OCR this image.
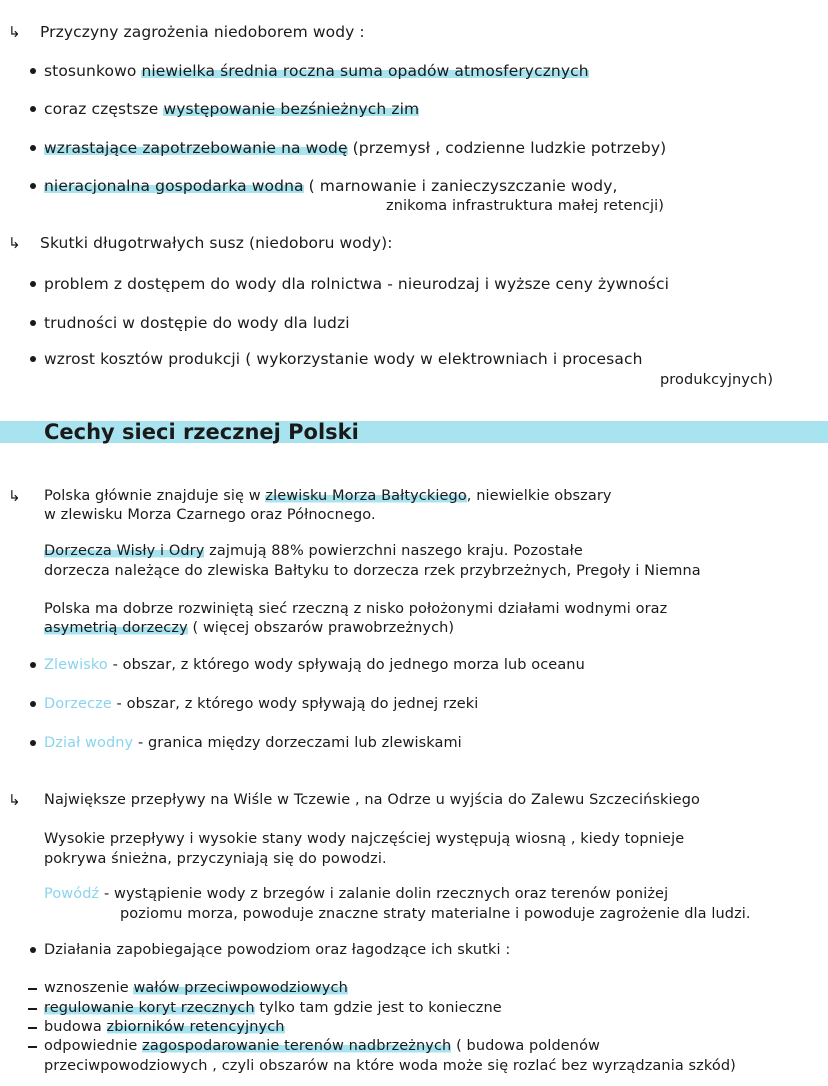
↳ Przyczyny zagrożenia niedoborem wody :
stosunkowo niewielka średnia roczna suma opadów atmosferycznych
coraz częstsze występowanie bezśnieżnych zim
wzrastające zapotrzebowanie na wodę (przemysł , codzienne ludzkie potrzeby)
nieracjonalna gospodarka wodna ( marnowanie i zanieczyszczanie wody,
znikoma infrastruktura małej retencji)
↳ Skutki długotrwałych susz (niedoboru wody):
problem z dostępem do wody dla rolnictwa - nieurodzaj i wyższe ceny żywności
trudności w dostępie do wody dla ludzi
wzrost kosztów produkcji ( wykorzystanie wody w elektrowniach i procesach
produkcyjnych)
Cechy sieci rzecznej Polski
↳ Polska głównie znajduje się w zlewisku Morza Bałtyckiego, niewielkie obszary
w zlewisku Morza Czarnego oraz Północnego.
Dorzecza Wisły i Odry zajmują 88% powierzchni naszego kraju. Pozostałe
dorzecza należące do zlewiska Bałtyku to dorzecza rzek przybrzeżnych, Pregoły i Niemna
Polska ma dobrze rozwiniętą sieć rzeczną z nisko położonymi działami wodnymi oraz
asymetrią dorzeczy ( więcej obszarów prawobrzeżnych)
Zlewisko - obszar, z którego wody spływają do jednego morza lub oceanu
Dorzecze - obszar, z którego wody spływają do jednej rzeki
Dział wodny - granica między dorzeczami lub zlewiskami
↳ Największe przepływy na Wiśle w Tczewie , na Odrze u wyjścia do Zalewu Szczecińskiego
Wysokie przepływy i wysokie stany wody najczęściej występują wiosną , kiedy topnieje
pokrywa śnieżna, przyczyniają się do powodzi.
Powódź - wystąpienie wody z brzegów i zalanie dolin rzecznych oraz terenów poniżej
poziomu morza, powoduje znaczne straty materialne i powoduje zagrożenie dla ludzi.
Działania zapobiegające powodziom oraz łagodzące ich skutki :
wznoszenie wałów przeciwpowodziowych
regulowanie koryt rzecznych tylko tam gdzie jest to konieczne
budowa zbiorników retencyjnych
odpowiednie zagospodarowanie terenów nadbrzeżnych ( budowa poldenów
przeciwpowodziowych , czyli obszarów na które woda może się rozlać bez wyrządzania szkód)
